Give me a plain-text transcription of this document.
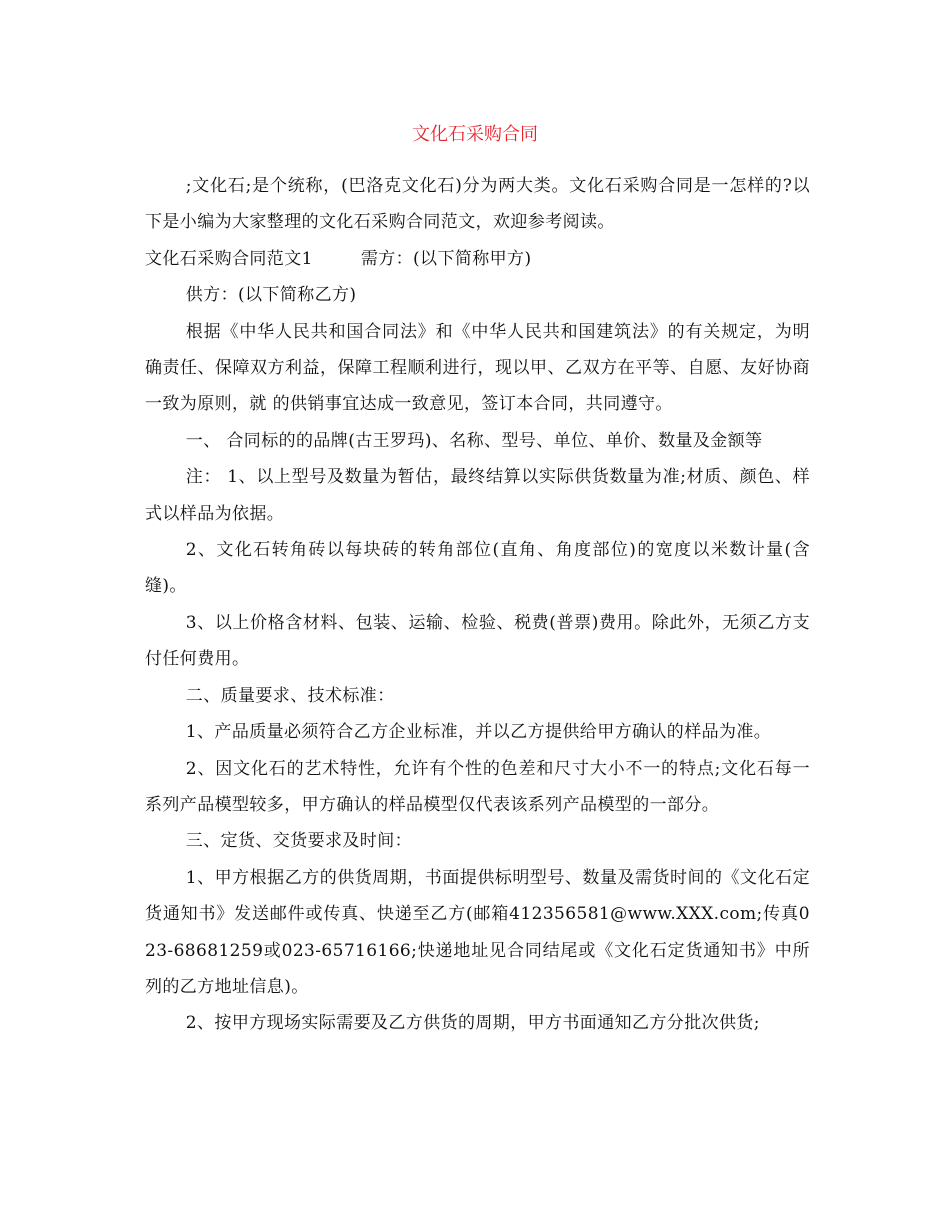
文化石采购合同

;文化石;是个统称，(巴洛克文化石)分为两大类。文化石采购合同是一怎样的?以下是小编为大家整理的文化石采购合同范文，欢迎参考阅读。

文化石采购合同范文1	需方：(以下简称甲方)

供方：(以下简称乙方)

根据《中华人民共和国合同法》和《中华人民共和国建筑法》的有关规定，为明确责任、保障双方利益，保障工程顺利进行，现以甲、乙双方在平等、自愿、友好协商一致为原则，就 的供销事宜达成一致意见，签订本合同，共同遵守。

一、 合同标的的品牌(古王罗玛)、名称、型号、单位、单价、数量及金额等

注： 1、以上型号及数量为暂估，最终结算以实际供货数量为准;材质、颜色、样式以样品为依据。

2、文化石转角砖以每块砖的转角部位(直角、角度部位)的宽度以米数计量(含缝)。

3、以上价格含材料、包装、运输、检验、税费(普票)费用。除此外，无须乙方支付任何费用。

二、质量要求、技术标准：

1、产品质量必须符合乙方企业标准，并以乙方提供给甲方确认的样品为准。

2、因文化石的艺术特性，允许有个性的色差和尺寸大小不一的特点;文化石每一系列产品模型较多，甲方确认的样品模型仅代表该系列产品模型的一部分。

三、定货、交货要求及时间：

1、甲方根据乙方的供货周期，书面提供标明型号、数量及需货时间的《文化石定货通知书》发送邮件或传真、快递至乙方(邮箱412356581@www.XXX.com;传真023-68681259或023-65716166;快递地址见合同结尾或《文化石定货通知书》中所列的乙方地址信息)。

2、按甲方现场实际需要及乙方供货的周期，甲方书面通知乙方分批次供货;
